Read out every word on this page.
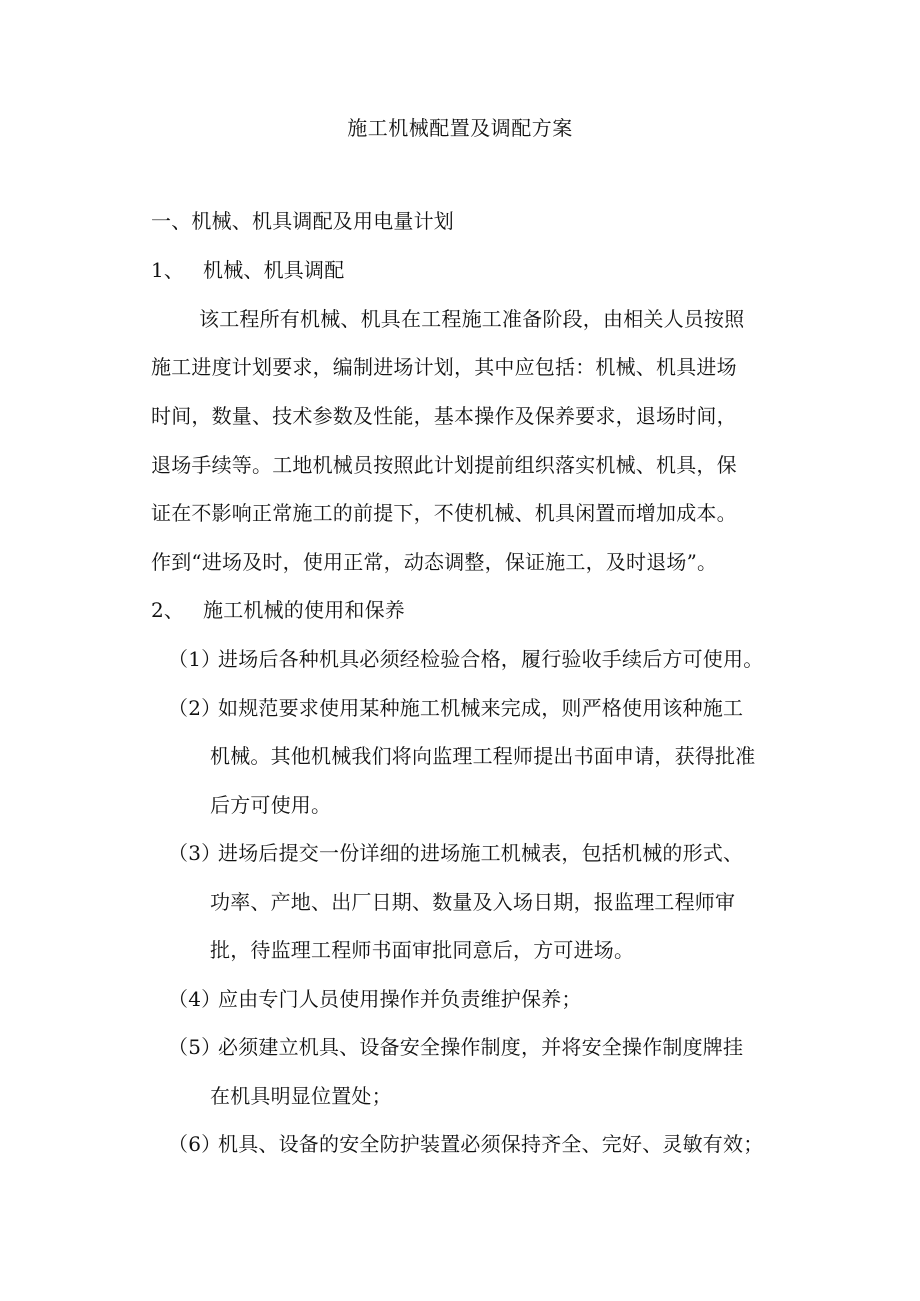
施工机械配置及调配方案
一、机械、机具调配及用电量计划
1、 机械、机具调配
该工程所有机械、机具在工程施工准备阶段，由相关人员按照
施工进度计划要求，编制进场计划，其中应包括：机械、机具进场
时间，数量、技术参数及性能，基本操作及保养要求，退场时间，
退场手续等。工地机械员按照此计划提前组织落实机械、机具，保
证在不影响正常施工的前提下，不使机械、机具闲置而增加成本。
作到“进场及时，使用正常，动态调整，保证施工，及时退场”。
2、 施工机械的使用和保养
（1）
进场后各种机具必须经检验合格，履行验收手续后方可使用。
（2）
如规范要求使用某种施工机械来完成，则严格使用该种施工
机械。其他机械我们将向监理工程师提出书面申请，获得批准
后方可使用。
（3）
进场后提交一份详细的进场施工机械表，包括机械的形式、
功率、产地、出厂日期、数量及入场日期，报监理工程师审
批，待监理工程师书面审批同意后，方可进场。
（4）
应由专门人员使用操作并负责维护保养；
（5）
必须建立机具、设备安全操作制度，并将安全操作制度牌挂
在机具明显位置处；
（6）
机具、设备的安全防护装置必须保持齐全、完好、灵敏有效；
